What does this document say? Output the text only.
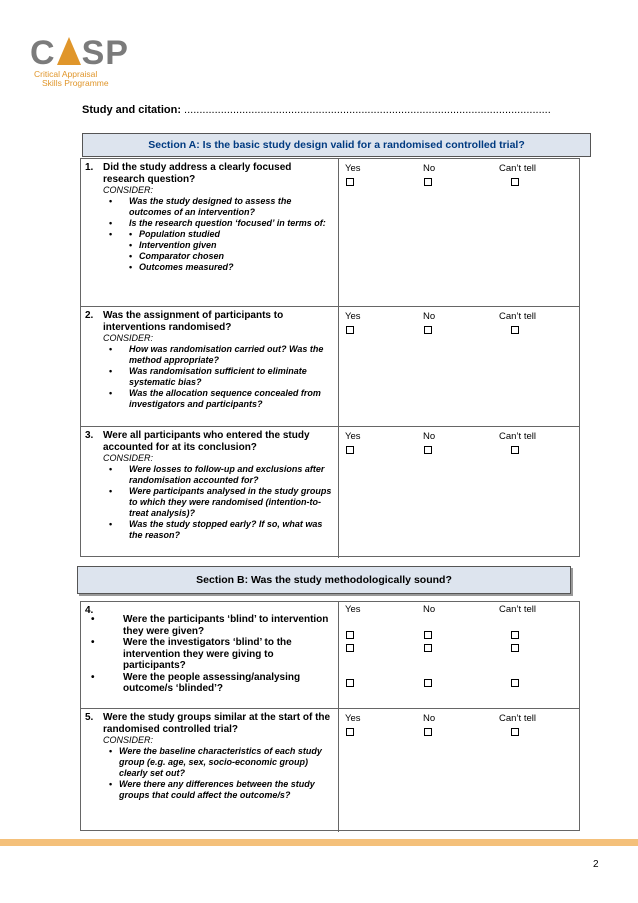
C SP
Critical Appraisal
Skills Programme
Study and citation: ........................................................................................................................
Section A: Is the basic study design valid for a randomised controlled trial?
1. Did the study address a clearly focused research question?
CONSIDER:
• Was the study designed to assess the outcomes of an intervention?
• Is the research question ‘focused’ in terms of:
• • Population studied
• Intervention given
• Comparator chosen
• Outcomes measured?
Yes	No	Can’t tell
2. Was the assignment of participants to interventions randomised?
CONSIDER:
• How was randomisation carried out? Was the method appropriate?
• Was randomisation sufficient to eliminate systematic bias?
• Was the allocation sequence concealed from investigators and participants?
Yes	No	Can’t tell
3. Were all participants who entered the study accounted for at its conclusion?
CONSIDER:
• Were losses to follow-up and exclusions after randomisation accounted for?
• Were participants analysed in the study groups to which they were randomised (intention-to-treat analysis)?
• Was the study stopped early? If so, what was the reason?
Yes	No	Can’t tell
Section B: Was the study methodologically sound?
4.
• Were the participants ‘blind’ to intervention they were given?
• Were the investigators ‘blind’ to the intervention they were giving to participants?
• Were the people assessing/analysing outcome/s ‘blinded’?
Yes	No	Can’t tell
5. Were the study groups similar at the start of the randomised controlled trial?
CONSIDER:
• Were the baseline characteristics of each study group (e.g. age, sex, socio-economic group) clearly set out?
• Were there any differences between the study groups that could affect the outcome/s?
Yes	No	Can’t tell
2
